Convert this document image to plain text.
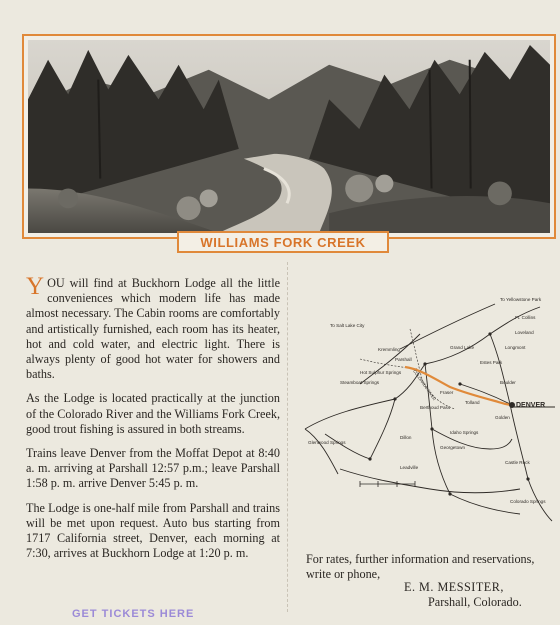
WILLIAMS FORK CREEK

YOU will find at Buckhorn Lodge all the little conveniences which modern life has made almost necessary. The Cabin rooms are comfortably and artistically furnished, each room has its heater, hot and cold water, and electric light. There is always plenty of good hot water for showers and baths.

As the Lodge is located practically at the junction of the Colorado River and the Williams Fork Creek, good trout fishing is assured in both streams.

Trains leave Denver from the Moffat Depot at 8:40 a. m. arriving at Parshall 12:57 p.m.; leave Parshall 1:58 p. m. arrive Denver 5:45 p. m.

The Lodge is one-half mile from Parshall and trains will be met upon request. Auto bus starting from 1717 California street, Denver, each morning at 7:30, arrives at Buckhorn Lodge at 1:20 p. m.

DENVER
To Yellowstone Park
To Salt Lake City
Estes Park
Colorado Springs
Parshall
Fraser
Kremmling	Grand Lake	Longmont
Boulder
Golden
Idaho Springs
Georgetown
Leadville
Dillon
Steamboat Springs
Hot Sulphur Springs
Glenwood Springs
Loveland
Ft. Collins
Berthoud Pass
Tolland
Castle Rock
COLORADO RIVER
For rates, further information and reservations, write or phone,
E. M. MESSITER,
Parshall, Colorado.
GET TICKETS HERE
